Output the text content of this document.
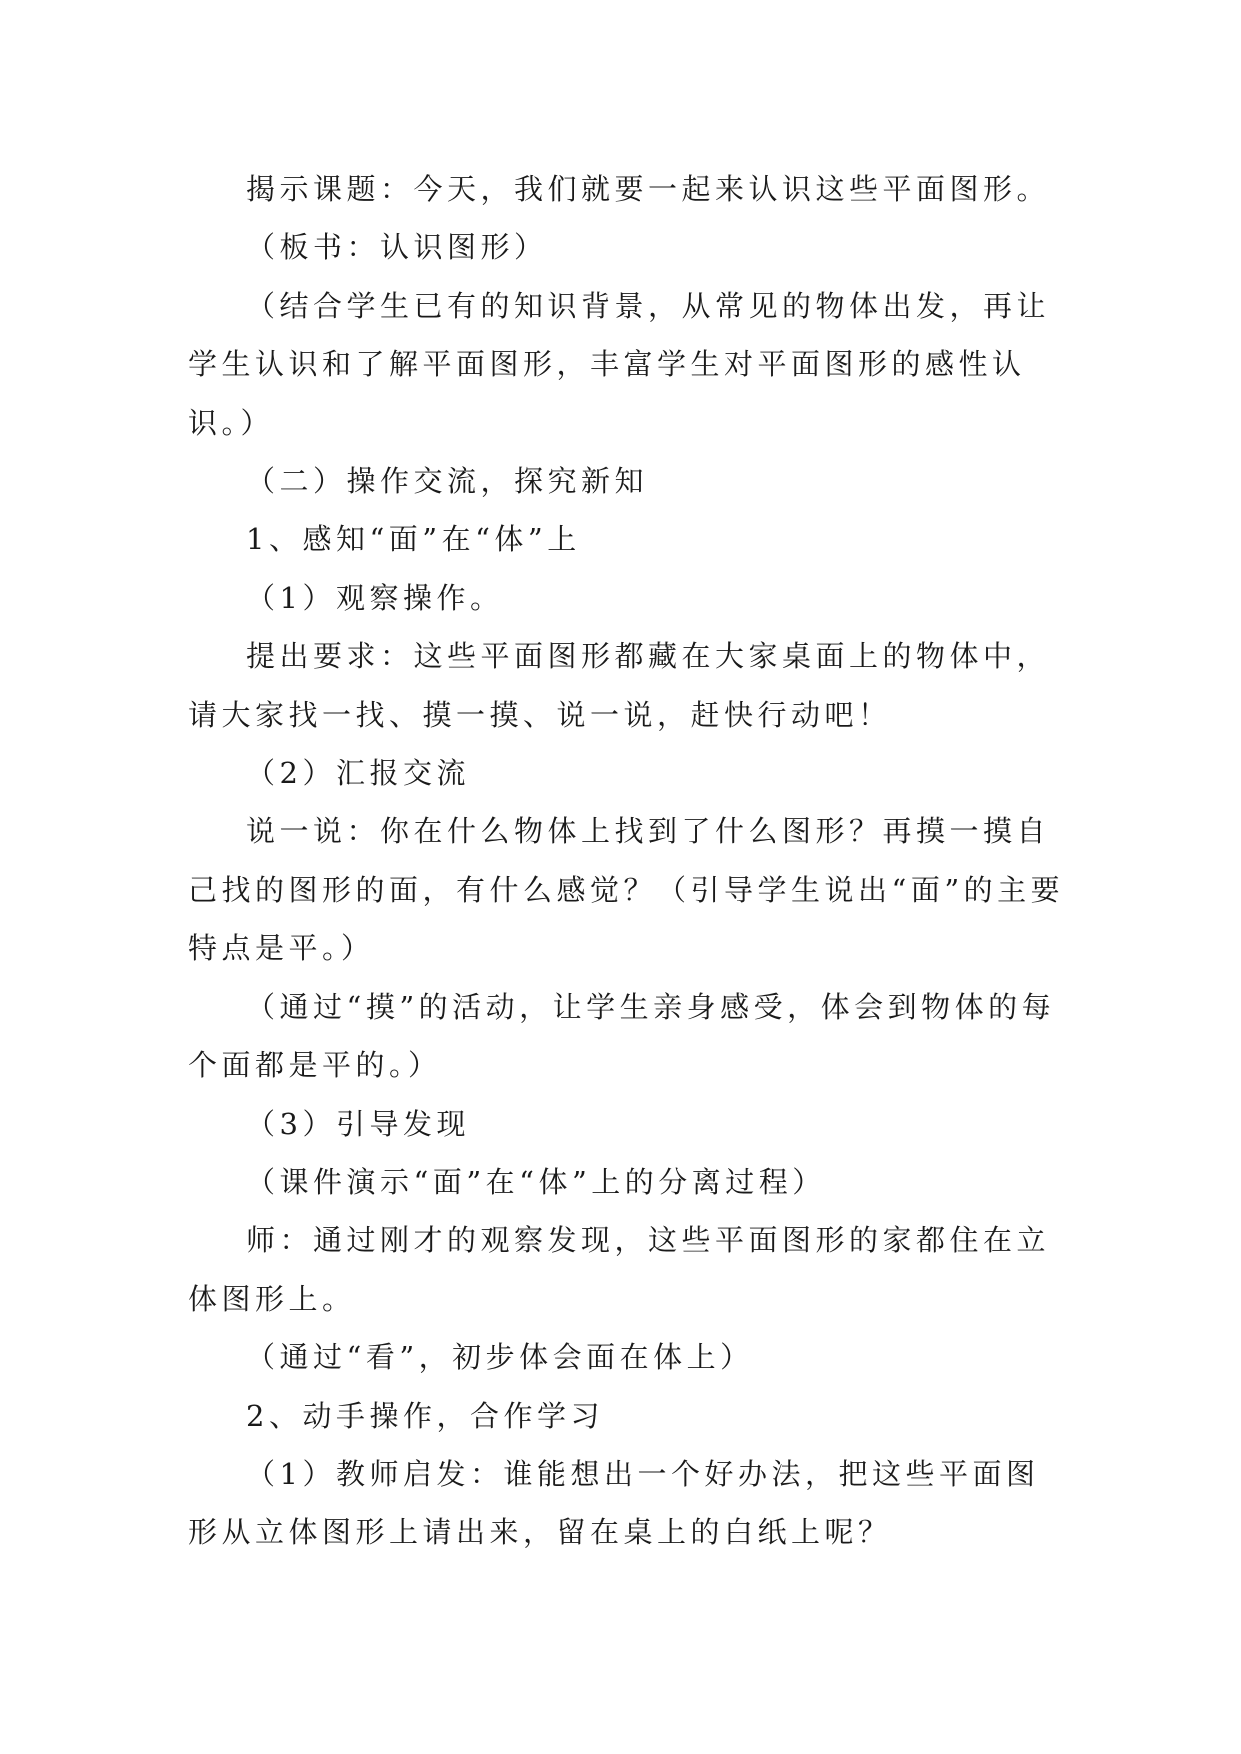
揭示课题：今天，我们就要一起来认识这些平面图形。

（板书：认识图形）

（结合学生已有的知识背景，从常见的物体出发，再让学生认识和了解平面图形，丰富学生对平面图形的感性认识。）

（二）操作交流，探究新知

1、感知“面”在“体”上

（1）观察操作。

提出要求：这些平面图形都藏在大家桌面上的物体中，请大家找一找、摸一摸、说一说，赶快行动吧！

（2）汇报交流

说一说：你在什么物体上找到了什么图形？再摸一摸自己找的图形的面，有什么感觉？（引导学生说出“面”的主要特点是平。）

（通过“摸”的活动，让学生亲身感受，体会到物体的每个面都是平的。）

（3）引导发现

（课件演示“面”在“体”上的分离过程）

师：通过刚才的观察发现，这些平面图形的家都住在立体图形上。

（通过“看”，初步体会面在体上）

2、动手操作，合作学习

（1）教师启发：谁能想出一个好办法，把这些平面图形从立体图形上请出来，留在桌上的白纸上呢？
